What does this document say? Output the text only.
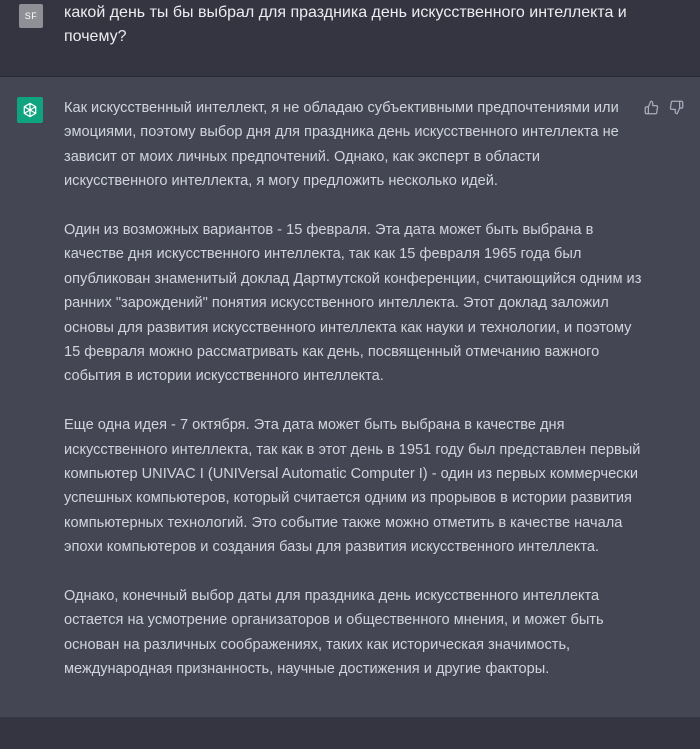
SF	какой день ты бы выбрал для праздника день искусственного интеллекта и почему?

Как искусственный интеллект, я не обладаю субъективными предпочтениями или эмоциями, поэтому выбор дня для праздника день искусственного интеллекта не зависит от моих личных предпочтений. Однако, как эксперт в области искусственного интеллекта, я могу предложить несколько идей.

Один из возможных вариантов - 15 февраля. Эта дата может быть выбрана в качестве дня искусственного интеллекта, так как 15 февраля 1965 года был опубликован знаменитый доклад Дартмутской конференции, считающийся одним из ранних "зарождений" понятия искусственного интеллекта. Этот доклад заложил основы для развития искусственного интеллекта как науки и технологии, и поэтому 15 февраля можно рассматривать как день, посвященный отмечанию важного события в истории искусственного интеллекта.

Еще одна идея - 7 октября. Эта дата может быть выбрана в качестве дня искусственного интеллекта, так как в этот день в 1951 году был представлен первый компьютер UNIVAC I (UNIVersal Automatic Computer I) - один из первых коммерчески успешных компьютеров, который считается одним из прорывов в истории развития компьютерных технологий. Это событие также можно отметить в качестве начала эпохи компьютеров и создания базы для развития искусственного интеллекта.

Однако, конечный выбор даты для праздника день искусственного интеллекта остается на усмотрение организаторов и общественного мнения, и может быть основан на различных соображениях, таких как историческая значимость, международная признанность, научные достижения и другие факторы.
